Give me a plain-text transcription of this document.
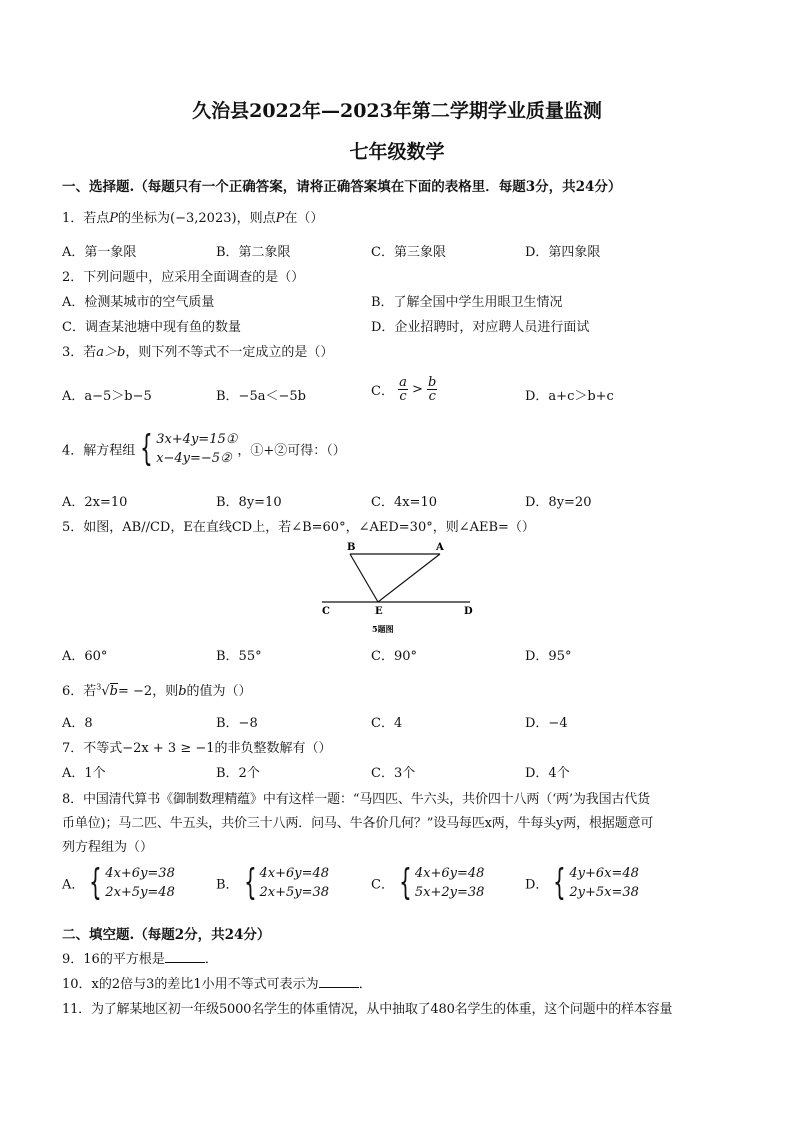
久治县2022年—2023年第二学期学业质量监测
七年级数学
一、选择题.（每题只有一个正确答案，请将正确答案填在下面的表格里．每题3分，共24分）
1．若点P的坐标为(−3,2023)，则点P在（）
A．第一象限	B．第二象限	C．第三象限	D．第四象限
2．下列问题中，应采用全面调查的是（）
A．检测某城市的空气质量	B．了解全国中学生用眼卫生情况
C．调查某池塘中现有鱼的数量	D．企业招聘时，对应聘人员进行面试
3．若a＞b，则下列不等式不一定成立的是（）
A．a−5＞b−5	B．−5a＜−5b	C． $\frac{a}{c} > \frac{b}{c}$	D．a+c＞b+c
4．解方程组 { 3x+4y=15①
x−4y=−5② ，①+②可得：（）
A．2x=10	B．8y=10	C．4x=10	D．8y=20
5．如图，AB//CD，E在直线CD上，若∠B=60°，∠AED=30°，则∠AEB=（）
B	A
C	E	D
5题图
A．60°	B．55°	C．90°	D．95°
6．若$^3$√b= −2，则b的值为（）
A．8	B．−8	C．4	D．−4
7．不等式−2x + 3 ≥ −1的非负整数解有（）
A．1个	B．2个	C．3个	D．4个
8．中国清代算书《御制数理精蕴》中有这样一题：“马四匹、牛六头，共价四十八两（‘两’为我国古代货
币单位)；马二匹、牛五头，共价三十八两．问马、牛各价几何？”设马每匹x两，牛每头y两，根据题意可
列方程组为（）
A． { 4x+6y=38
2x+5y=48	B． { 4x+6y=48
2x+5y=38	C． { 4x+6y=48
5x+2y=38	D． { 4y+6x=48
2y+5x=38
二、填空题.（每题2分，共24分）
9．16的平方根是	．
10．x的2倍与3的差比1小用不等式可表示为	．
11．为了解某地区初一年级5000名学生的体重情况，从中抽取了480名学生的体重，这个问题中的样本容量
